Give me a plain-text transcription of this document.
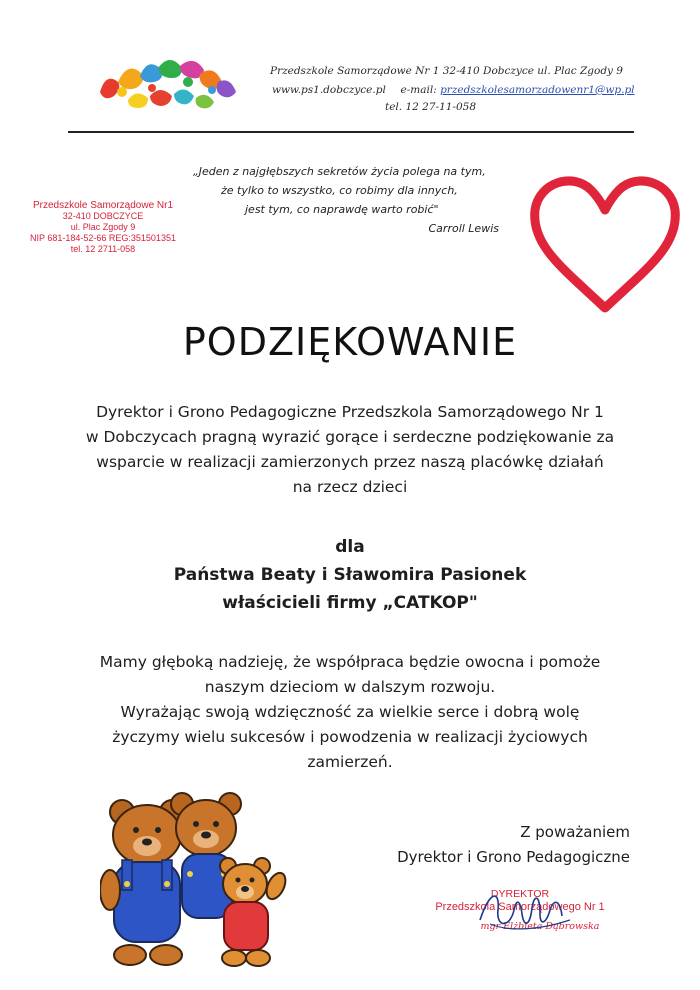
Przedszkole Samorządowe Nr 1 32-410 Dobczyce ul. Plac Zgody 9
www.ps1.dobczyce.pl e-mail: przedszkolesamorzadowenr1@wp.pl
tel. 12 27-11-058
„Jeden z najgłębszych sekretów życia polega na tym,
że tylko to wszystko, co robimy dla innych,
jest tym, co naprawdę warto robić"
Carroll Lewis
Przedszkole Samorządowe Nr1
32-410 DOBCZYCE
ul. Plac Zgody 9
NIP 681-184-52-66 REG:351501351
tel. 12 2711-058
PODZIĘKOWANIE
Dyrektor i Grono Pedagogiczne Przedszkola Samorządowego Nr 1
w Dobczycach pragną wyrazić gorące i serdeczne podziękowanie za
wsparcie w realizacji zamierzonych przez naszą placówkę działań
na rzecz dzieci
dla
Państwa Beaty i Sławomira Pasionek
właścicieli firmy „CATKOP"
Mamy głęboką nadzieję, że współpraca będzie owocna i pomoże
naszym dzieciom w dalszym rozwoju.
Wyrażając swoją wdzięczność za wielkie serce i dobrą wolę
życzymy wielu sukcesów i powodzenia w realizacji życiowych
zamierzeń.
Z poważaniem
Dyrektor i Grono Pedagogiczne
DYREKTOR
Przedszkola Samorządowego Nr 1
mgr Elżbieta Dąbrowska
